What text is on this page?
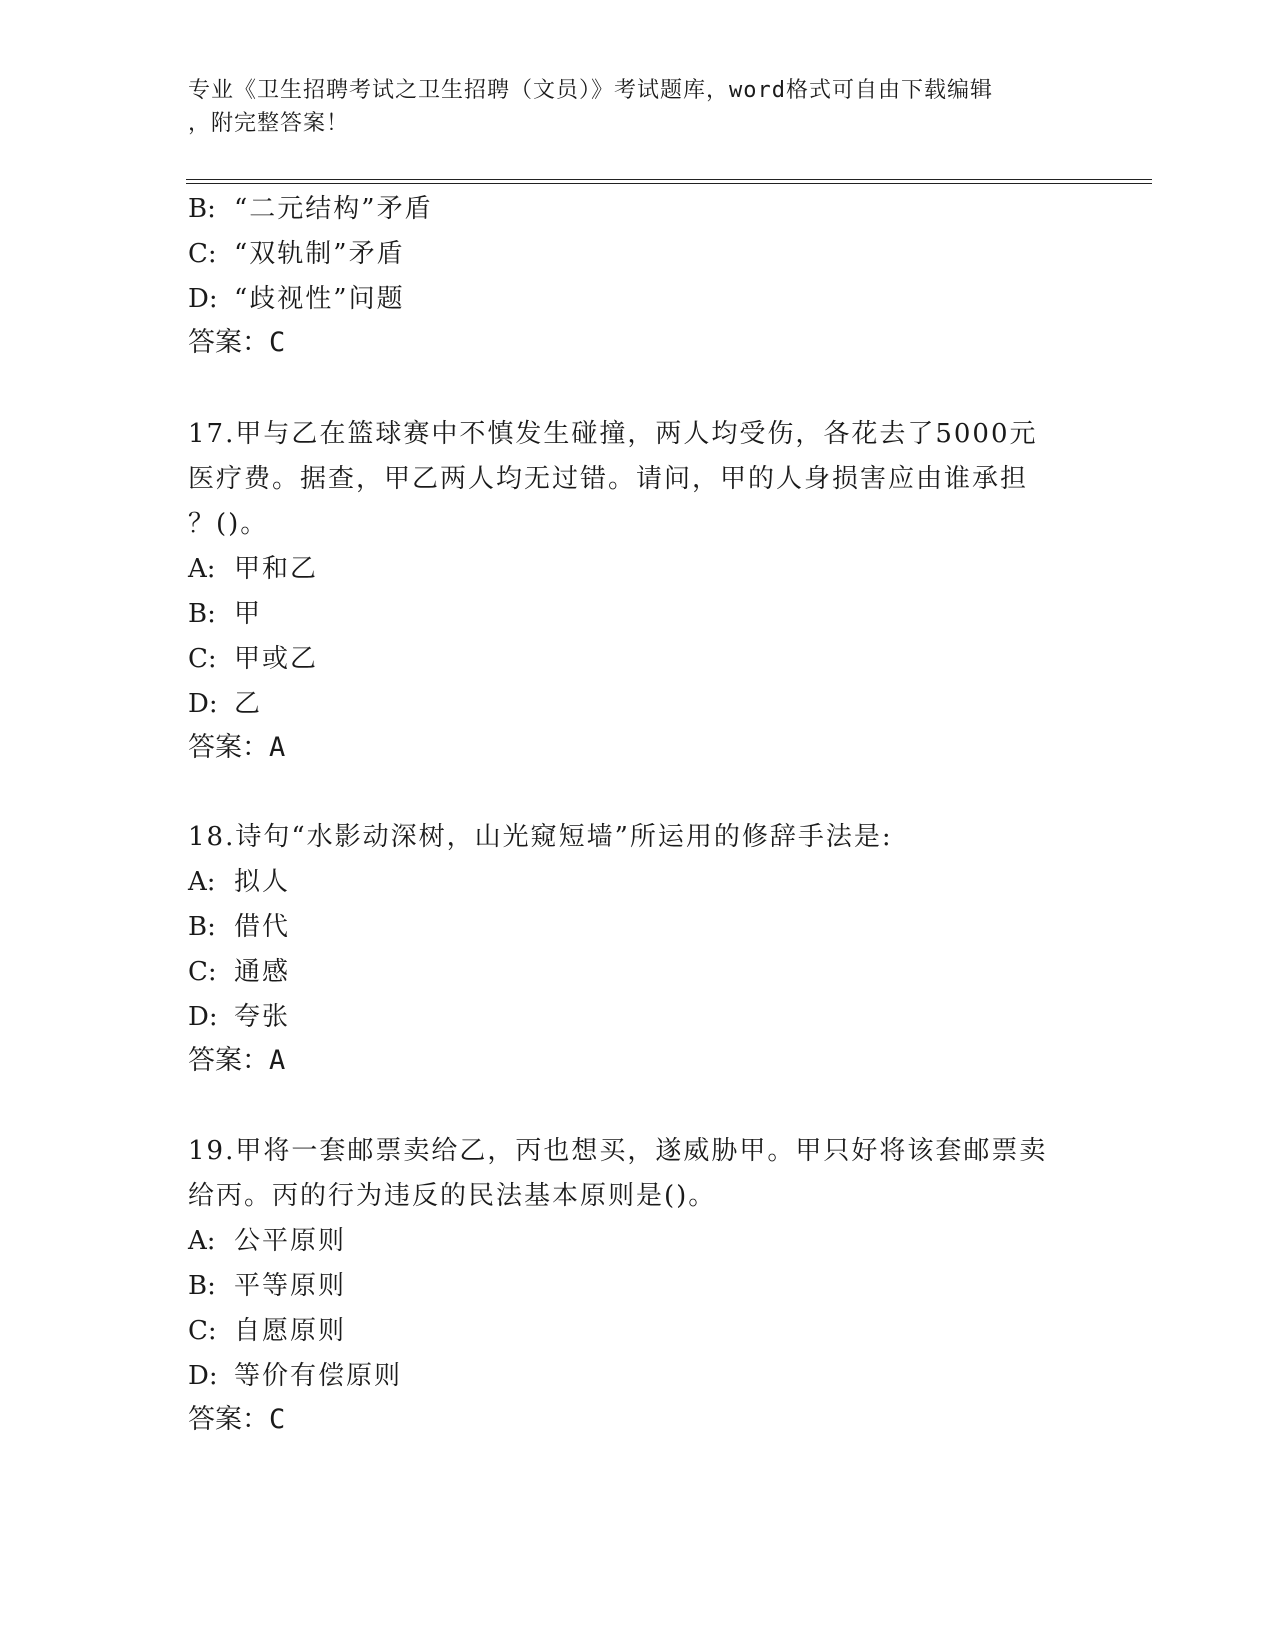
专业《卫生招聘考试之卫生招聘（文员）》考试题库，word格式可自由下载编辑
，附完整答案！
B: “二元结构”矛盾
C: “双轨制”矛盾
D: “歧视性”问题
答案：C
17.甲与乙在篮球赛中不慎发生碰撞，两人均受伤，各花去了5000元
医疗费。据查，甲乙两人均无过错。请问，甲的人身损害应由谁承担
？()。
A: 甲和乙
B: 甲
C: 甲或乙
D: 乙
答案：A
18.诗句“水影动深树，山光窥短墙”所运用的修辞手法是:
A: 拟人
B: 借代
C: 通感
D: 夸张
答案：A
19.甲将一套邮票卖给乙，丙也想买，遂威胁甲。甲只好将该套邮票卖
给丙。丙的行为违反的民法基本原则是()。
A: 公平原则
B: 平等原则
C: 自愿原则
D: 等价有偿原则
答案：C
